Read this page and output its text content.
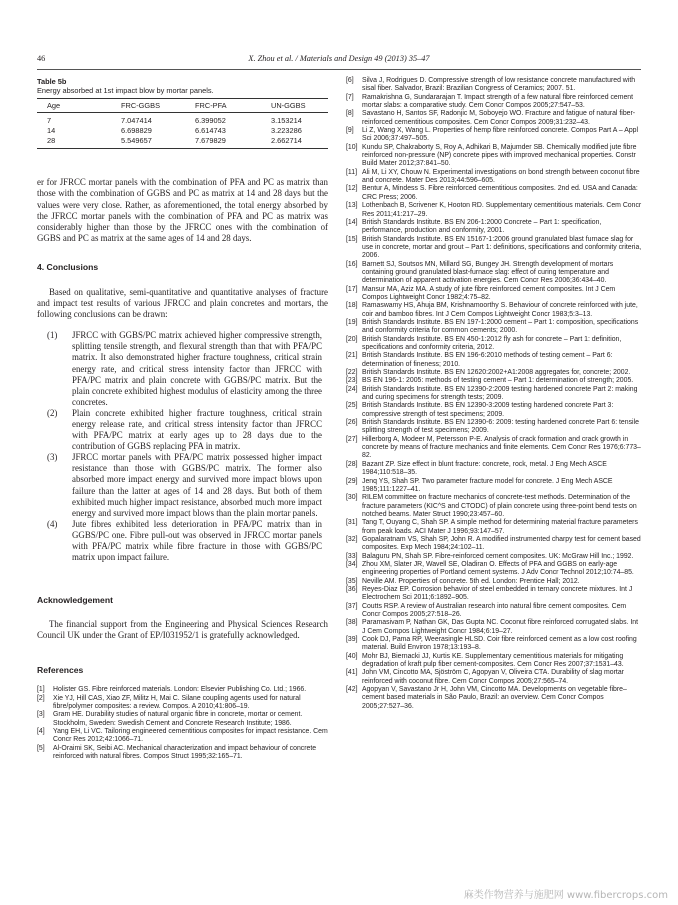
46	X. Zhou et al. / Materials and Design 49 (2013) 35–47
Table 5b
Energy absorbed at 1st impact blow by mortar panels.
Age	FRC-GGBS	FRC-PFA	UN-GGBS
7	7.047414	6.399052	3.153214
14	6.698829	6.614743	3.223286
28	5.549657	7.679829	2.662714

er for JFRCC mortar panels with the combination of PFA and PC as matrix than those with the combination of GGBS and PC as matrix at 14 and 28 days but the values were very close. Rather, as aforementioned, the total energy absorbed by the JFRCC mortar panels with the combination of PFA and PC as matrix was considerably higher than those by the JFRCC ones with the combination of GGBS and PC as matrix at the same ages of 14 and 28 days.

4. Conclusions

Based on qualitative, semi-quantitative and quantitative analyses of fracture and impact test results of various JFRCC and plain concretes and mortars, the following conclusions can be drawn:

(1) JFRCC with GGBS/PC matrix achieved higher compressive strength, splitting tensile strength, and flexural strength than that with PFA/PC matrix. It also demonstrated higher fracture toughness, critical strain energy rate, and critical stress intensity factor than JFRCC with PFA/PC matrix and plain concrete with GGBS/PC matrix. But the plain concrete exhibited highest modulus of elasticity among the three concretes.
(2) Plain concrete exhibited higher fracture toughness, critical strain energy release rate, and critical stress intensity factor than JFRCC with PFA/PC matrix at early ages up to 28 days due to the contribution of GGBS replacing PFA in matrix.
(3) JFRCC mortar panels with PFA/PC matrix possessed higher impact resistance than those with GGBS/PC matrix. The former also absorbed more impact energy and survived more impact blows upon failure than the latter at ages of 14 and 28 days. But both of them exhibited much higher impact resistance, absorbed much more impact energy and survived more impact blows than the plain mortar panels.
(4) Jute fibres exhibited less deterioration in PFA/PC matrix than in GGBS/PC one. Fibre pull-out was observed in JFRCC mortar panels with PFA/PC matrix while fibre fracture in those with GGBS/PC matrix upon impact failure.
Acknowledgement

The financial support from the Engineering and Physical Sciences Research Council UK under the Grant of EP/I031952/1 is gratefully acknowledged.

References

[1] Holister GS. Fibre reinforced materials. London: Elsevier Publishing Co. Ltd.; 1966.

[2] Xie YJ, Hill CAS, Xiao ZF, Militz H, Mai C. Silane coupling agents used for natural fibre/polymer composites: a review. Compos. A 2010;41:806–19.

[3] Gram HE. Durability studies of natural organic fibre in concrete, mortar or cement. Stockholm, Sweden: Swedish Cement and Concrete Research Institute; 1986.

[4] Yang EH, Li VC. Tailoring engineered cementitious composites for impact resistance. Cem Concr Res 2012;42:1066–71.

[5] Al-Oraimi SK, Seibi AC. Mechanical characterization and impact behaviour of concrete reinforced with natural fibres. Compos Struct 1995;32:165–71.

[6] Silva J, Rodrigues D. Compressive strength of low resistance concrete manufactured with sisal fiber. Salvador, Brazil: Brazilian Congress of Ceramics; 2007. 51.

[7] Ramakrishna G, Sundararajan T. Impact strength of a few natural fibre reinforced cement mortar slabs: a comparative study. Cem Concr Compos 2005;27:547–53.

[8] Savastano H, Santos SF, Radonjic M, Soboyejo WO. Fracture and fatigue of natural fiber-reinforced cementitious composites. Cem Concr Compos 2009;31:232–43.

[9] Li Z, Wang X, Wang L. Properties of hemp fibre reinforced concrete. Compos Part A – Appl Sci 2006;37:497–505.

[10] Kundu SP, Chakraborty S, Roy A, Adhikari B, Majumder SB. Chemically modified jute fibre reinforced non-pressure (NP) concrete pipes with improved mechanical properties. Constr Build Mater 2012;37:841–50.

[11] Ali M, Li XY, Chouw N. Experimental investigations on bond strength between coconut fibre and concrete. Mater Des 2013;44:596–605.

[12] Bentur A, Mindess S. Fibre reinforced cementitious composites. 2nd ed. USA and Canada: CRC Press; 2006.

[13] Lothenbach B, Scrivener K, Hooton RD. Supplementary cementitious materials. Cem Concr Res 2011;41:217–29.

[14] British Standards Institute. BS EN 206-1:2000 Concrete – Part 1: specification, performance, production and conformity, 2001.

[15] British Standards Institute. BS EN 15167-1:2006 ground granulated blast furnace slag for use in concrete, mortar and grout – Part 1: definitions, specifications and conformity criteria, 2006.

[16] Barnett SJ, Soutsos MN, Millard SG, Bungey JH. Strength development of mortars containing ground granulated blast-furnace slag: effect of curing temperature and determination of apparent activation energies. Cem Concr Res 2006;36:434–40.

[17] Mansur MA, Aziz MA. A study of jute fibre reinforced cement composites. Int J Cem Compos Lightweight Concr 1982;4:75–82.

[18] Ramaswamy HS, Ahuja BM, Krishnamoorthy S. Behaviour of concrete reinforced with jute, coir and bamboo fibres. Int J Cem Compos Lightweight Concr 1983;5:3–13.

[19] British Standards Institute. BS EN 197-1:2000 cement – Part 1: composition, specifications and conformity criteria for common cements; 2000.

[20] British Standards Institute. BS EN 450-1:2012 fly ash for concrete – Part 1: definition, specifications and conformity criteria, 2012.

[21] British Standards Institute. BS EN 196-6:2010 methods of testing cement – Part 6: determination of fineness; 2010.

[22] British Standards Institute. BS EN 12620:2002+A1:2008 aggregates for, concrete; 2002.

[23] BS EN 196-1: 2005: methods of testing cement – Part 1: determination of strength; 2005.

[24] British Standards Institute. BS EN 12390-2:2009 testing hardened concrete Part 2: making and curing specimens for strength tests; 2009.

[25] British Standards Institute. BS EN 12390-3:2009 testing hardened concrete Part 3: compressive strength of test specimens; 2009.

[26] British Standards Institute. BS EN 12390-6: 2009: testing hardened concrete Part 6: tensile splitting strength of test specimens; 2009.

[27] Hillerborg A, Modeer M, Petersson P-E. Analysis of crack formation and crack growth in concrete by means of fracture mechanics and finite elements. Cem Concr Res 1976;6:773–82.

[28] Bazant ZP. Size effect in blunt fracture: concrete, rock, metal. J Eng Mech ASCE 1984;110:518–35.

[29] Jenq YS, Shah SP. Two parameter fracture model for concrete. J Eng Mech ASCE 1985;111:1227–41.

[30] RILEM committee on fracture mechanics of concrete-test methods. Determination of the fracture parameters (KIC^S and CTODC) of plain concrete using three-point bend tests on notched beams. Mater Struct 1990;23:457–60.

[31] Tang T, Ouyang C, Shah SP. A simple method for determining material fracture parameters from peak loads. ACI Mater J 1996;93:147–57.

[32] Gopalaratnam VS, Shah SP, John R. A modified instrumented charpy test for cement based composites. Exp Mech 1984;24:102–11.

[33] Balaguru PN, Shah SP. Fibre-reinforced cement composites. UK: McGraw Hill Inc.; 1992.

[34] Zhou XM, Slater JR, Wavell SE, Oladiran O. Effects of PFA and GGBS on early-age engineering properties of Portland cement systems. J Adv Concr Technol 2012;10:74–85.

[35] Neville AM. Properties of concrete. 5th ed. London: Prentice Hall; 2012.

[36] Reyes-Diaz EP. Corrosion behavior of steel embedded in ternary concrete mixtures. Int J Electrochem Sci 2011;6:1892–905.

[37] Coutts RSP. A review of Australian research into natural fibre cement composites. Cem Concr Compos 2005;27:518–26.

[38] Paramasivam P, Nathan GK, Das Gupta NC. Coconut fibre reinforced corrugated slabs. Int J Cem Compos Lightweight Concr 1984;6:19–27.

[39] Cook DJ, Pama RP, Weerasingle HLSD. Coir fibre reinforced cement as a low cost roofing material. Build Environ 1978;13:193–8.

[40] Mohr BJ, Biernacki JJ, Kurtis KE. Supplementary cementitious materials for mitigating degradation of kraft pulp fiber cement-composites. Cem Concr Res 2007;37:1531–43.

[41] John VM, Cincotto MA, Sjöström C, Agopyan V, Oliveira CTA. Durability of slag mortar reinforced with coconut fibre. Cem Concr Compos 2005;27:565–74.

[42] Agopyan V, Savastano Jr H, John VM, Cincotto MA. Developments on vegetable fibre–cement based materials in São Paulo, Brazil: an overview. Cem Concr Compos 2005;27:527–36.

麻类作物营养与施肥网 www.fibercrops.com
